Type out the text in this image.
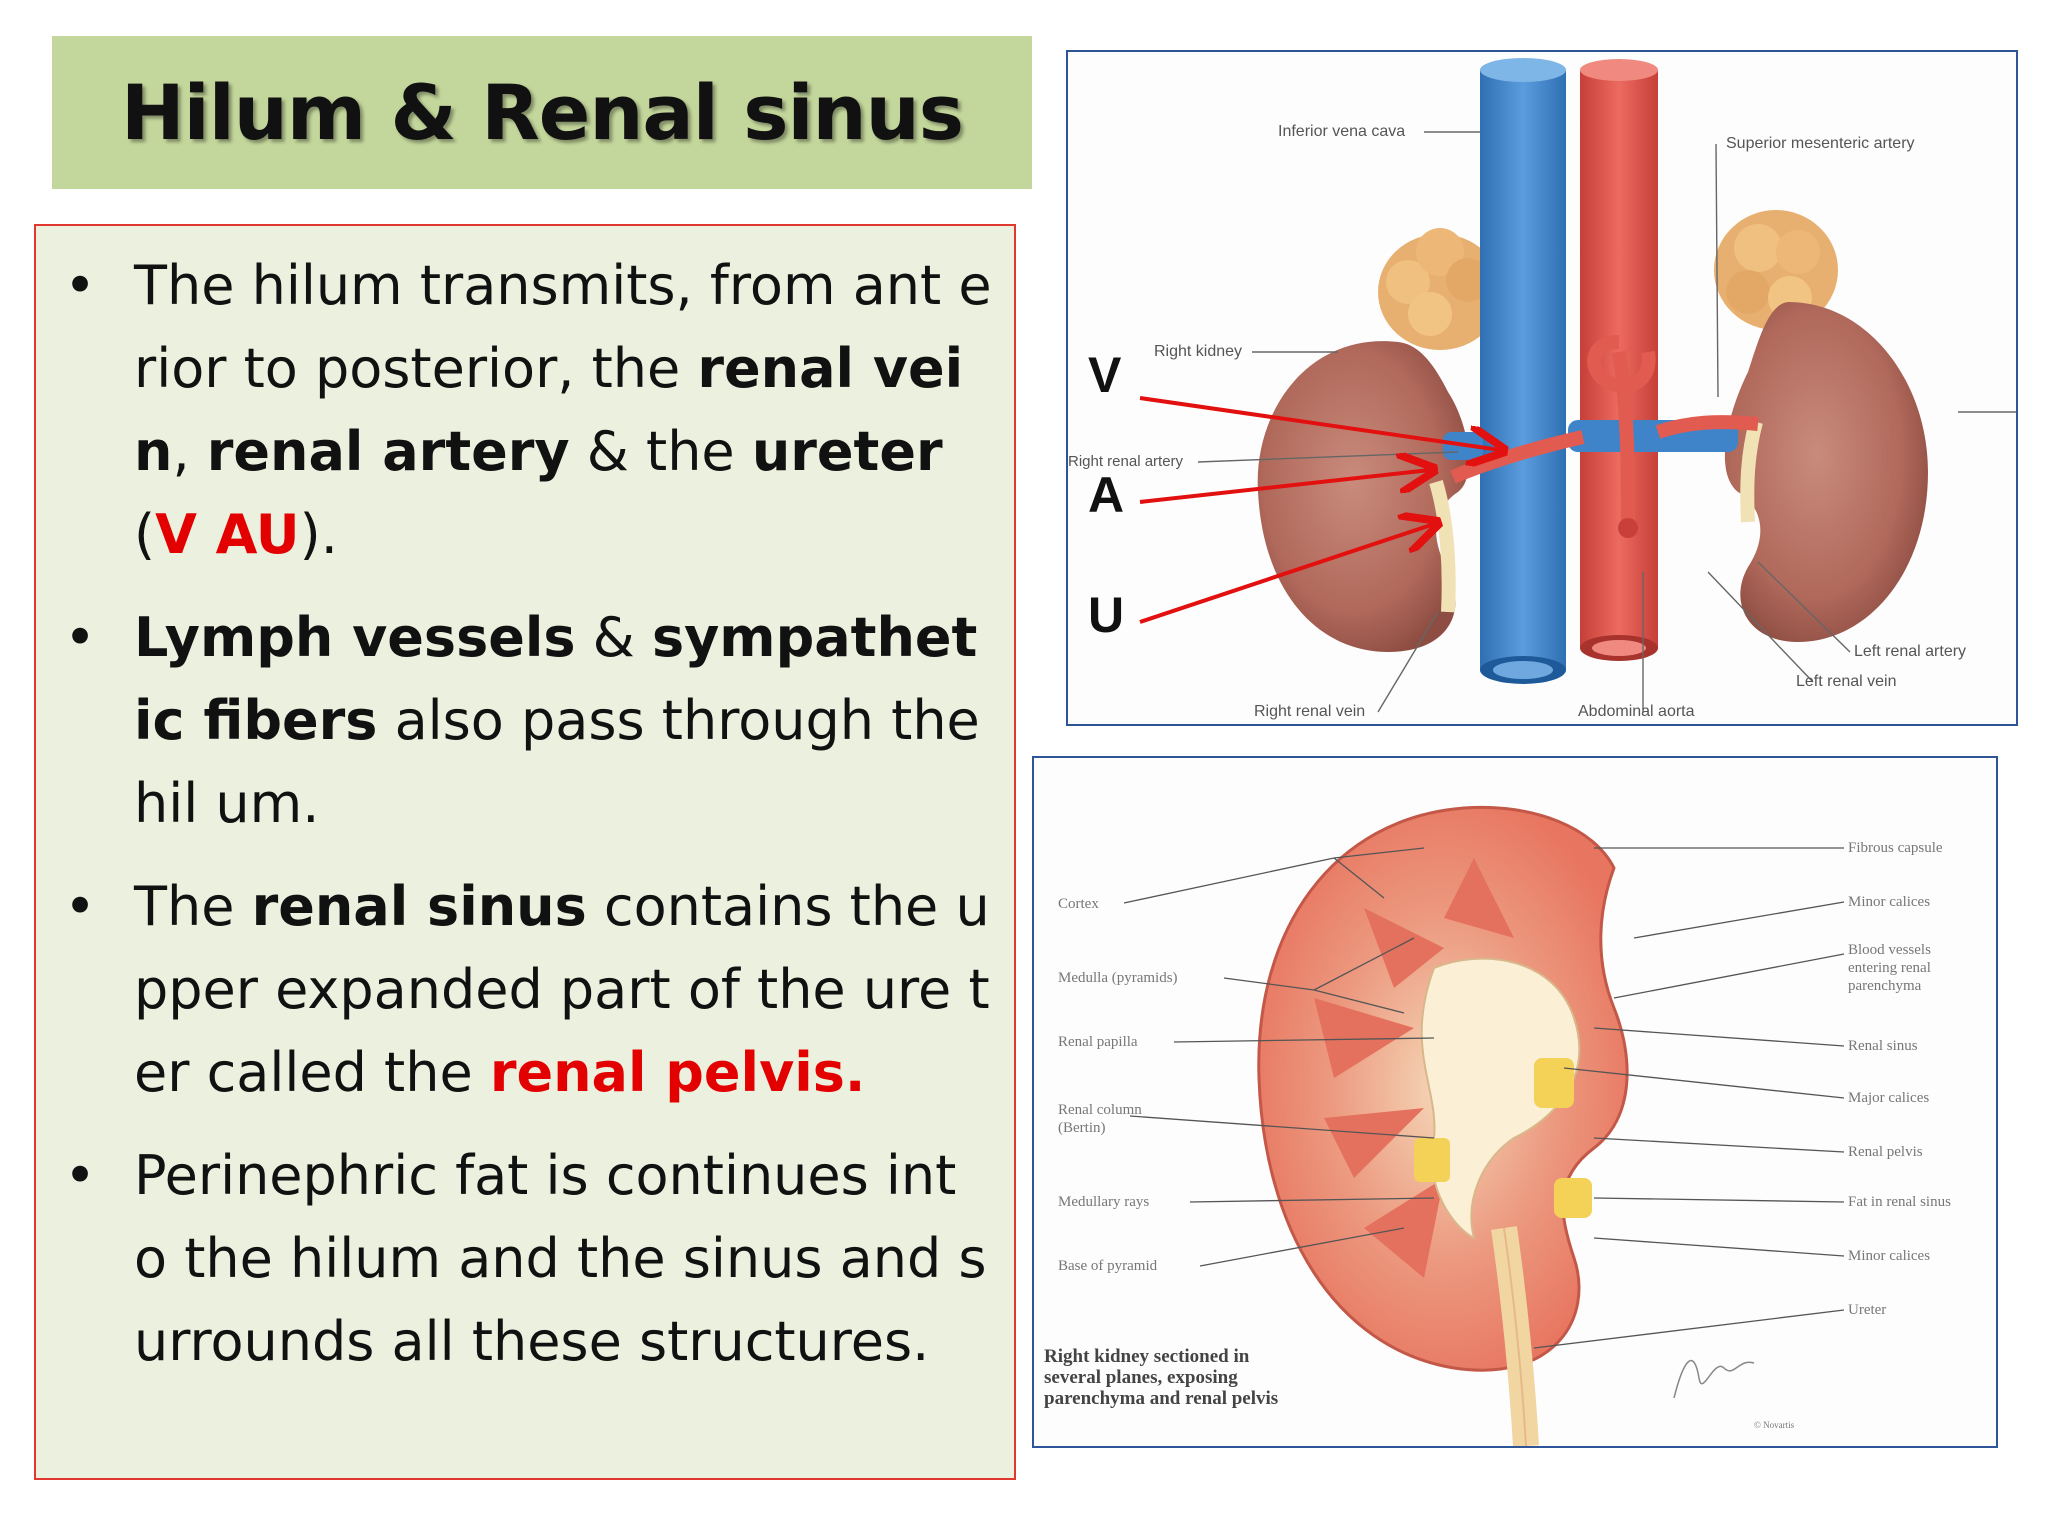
Hilum & Renal sinus
• The hilum transmits, from ant erior to posterior, the renal vei n, renal artery & the ureter (V AU).
• Lymph vessels & sympathetic fibers also pass through the hil um.
• The renal sinus contains the u pper expanded part of the ure ter called the renal pelvis.
• Perinephric fat is continues int o the hilum and the sinus and surrounds all these structures.
Inferior vena cava
Superior mesenteric artery
Right kidney
Right renal artery
Right renal vein	Abdominal aorta
Left renal artery
Left renal vein
V
A
U
Cortex
Medulla (pyramids)
Renal papilla
Renal column
(Bertin)
Medullary rays
Base of pyramid
Fibrous capsule
Minor calices
Blood vessels
entering renal
parenchyma
Renal sinus
Major calices
Renal pelvis
Fat in renal sinus
Minor calices
Ureter
Right kidney sectioned in
several planes, exposing
parenchyma and renal pelvis
© Novartis
